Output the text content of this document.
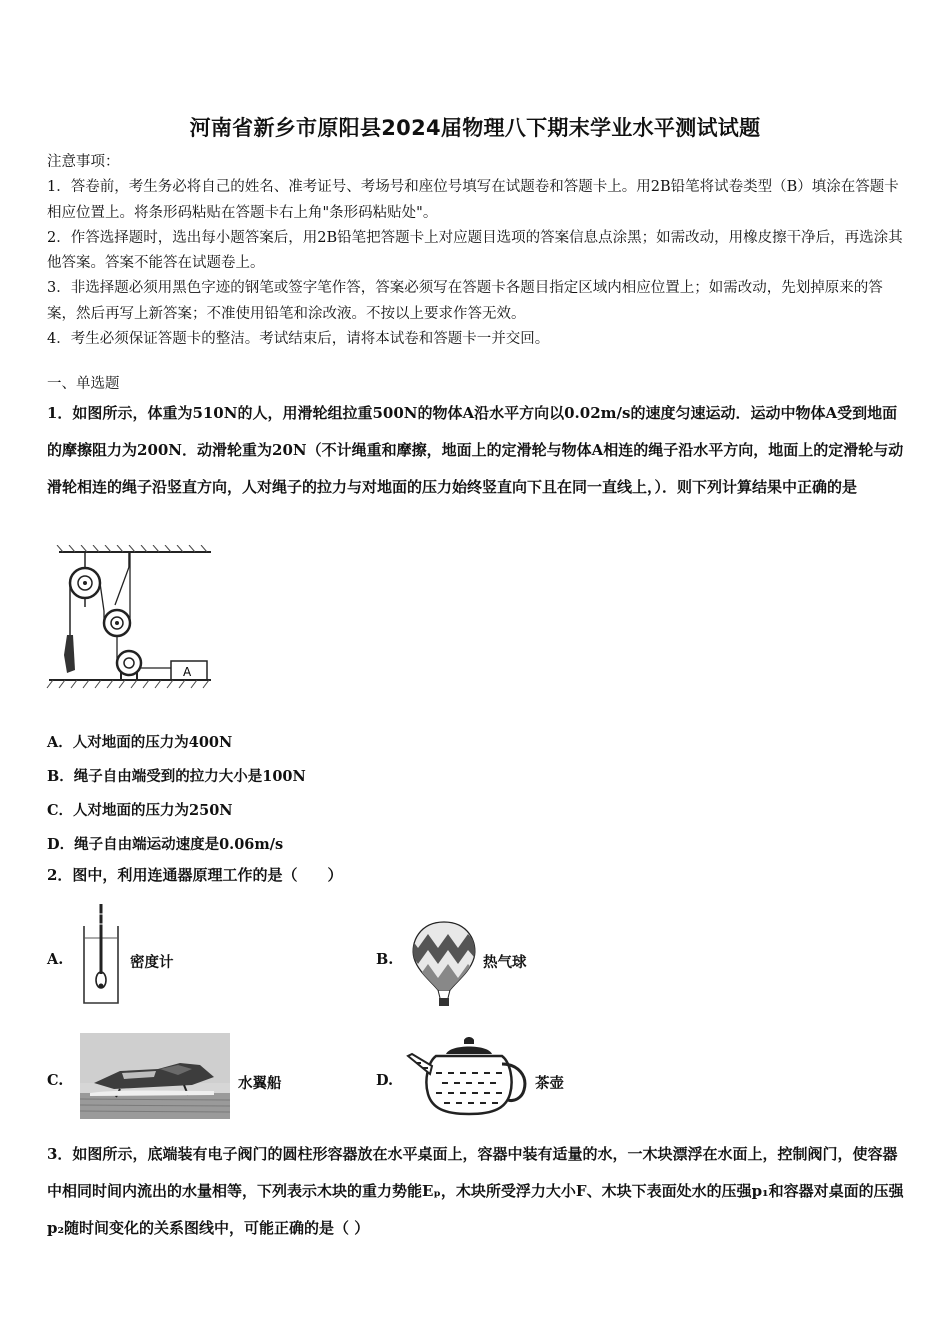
河南省新乡市原阳县2024届物理八下期末学业水平测试试题

注意事项：

1．答卷前，考生务必将自己的姓名、准考证号、考场号和座位号填写在试题卷和答题卡上。用2B铅笔将试卷类型（B）填涂在答题卡相应位置上。将条形码粘贴在答题卡右上角"条形码粘贴处"。

2．作答选择题时，选出每小题答案后，用2B铅笔把答题卡上对应题目选项的答案信息点涂黑；如需改动，用橡皮擦干净后，再选涂其他答案。答案不能答在试题卷上。

3．非选择题必须用黑色字迹的钢笔或签字笔作答，答案必须写在答题卡各题目指定区域内相应位置上；如需改动，先划掉原来的答案，然后再写上新答案；不准使用铅笔和涂改液。不按以上要求作答无效。

4．考生必须保证答题卡的整洁。考试结束后，请将本试卷和答题卡一并交回。

一、单选题
1．如图所示，体重为510N的人，用滑轮组拉重500N的物体A沿水平方向以0.02m/s的速度匀速运动．运动中物体A受到地面的摩擦阻力为200N．动滑轮重为20N（不计绳重和摩擦，地面上的定滑轮与物体A相连的绳子沿水平方向，地面上的定滑轮与动滑轮相连的绳子沿竖直方向，人对绳子的拉力与对地面的压力始终竖直向下且在同一直线上，）．则下列计算结果中正确的是
A
A．人对地面的压力为400N
B．绳子自由端受到的拉力大小是100N
C．人对地面的压力为250N
D．绳子自由端运动速度是0.06m/s
2．图中，利用连通器原理工作的是（　　）
A.	密度计	B.	热气球
C.	水翼船	D.	茶壶
3．如图所示，底端装有电子阀门的圆柱形容器放在水平桌面上，容器中装有适量的水，一木块漂浮在水面上，控制阀门，使容器中相同时间内流出的水量相等，下列表示木块的重力势能Eₚ，木块所受浮力大小F、木块下表面处水的压强p₁和容器对桌面的压强p₂随时间变化的关系图线中，可能正确的是（ ）
